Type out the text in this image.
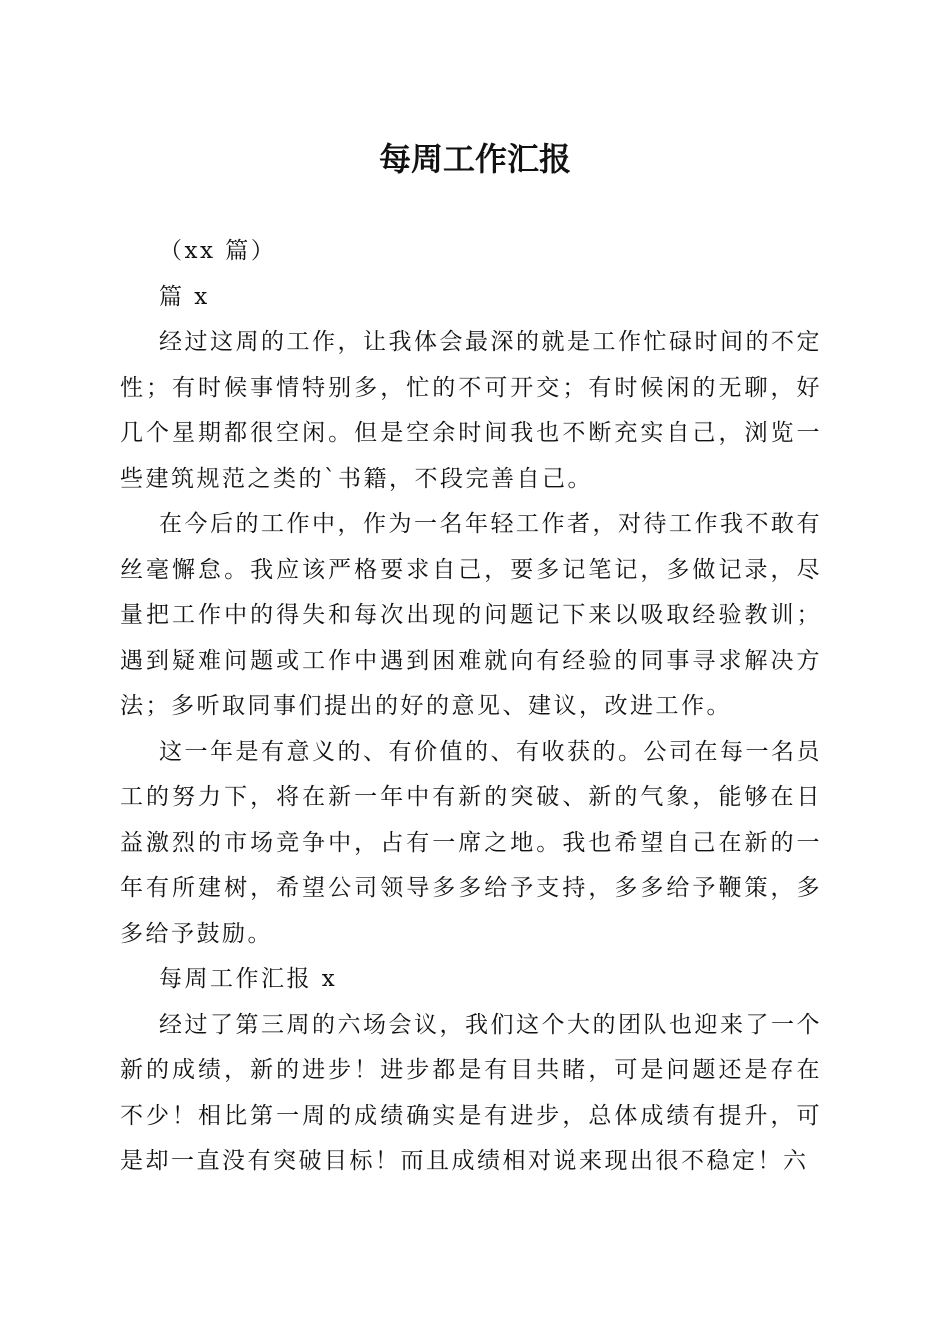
每周工作汇报

（xx 篇）

篇 x

经过这周的工作，让我体会最深的就是工作忙碌时间的不定性；有时候事情特别多，忙的不可开交；有时候闲的无聊，好几个星期都很空闲。但是空余时间我也不断充实自己，浏览一些建筑规范之类的`书籍，不段完善自己。

在今后的工作中，作为一名年轻工作者，对待工作我不敢有丝毫懈怠。我应该严格要求自己，要多记笔记，多做记录，尽量把工作中的得失和每次出现的问题记下来以吸取经验教训；遇到疑难问题或工作中遇到困难就向有经验的同事寻求解决方法；多听取同事们提出的好的意见、建议，改进工作。

这一年是有意义的、有价值的、有收获的。公司在每一名员工的努力下，将在新一年中有新的突破、新的气象，能够在日益激烈的市场竞争中，占有一席之地。我也希望自己在新的一年有所建树，希望公司领导多多给予支持，多多给予鞭策，多多给予鼓励。

每周工作汇报 x

经过了第三周的六场会议，我们这个大的团队也迎来了一个新的成绩，新的进步！进步都是有目共睹，可是问题还是存在不少！相比第一周的成绩确实是有进步，总体成绩有提升，可是却一直没有突破目标！而且成绩相对说来现出很不稳定！六
